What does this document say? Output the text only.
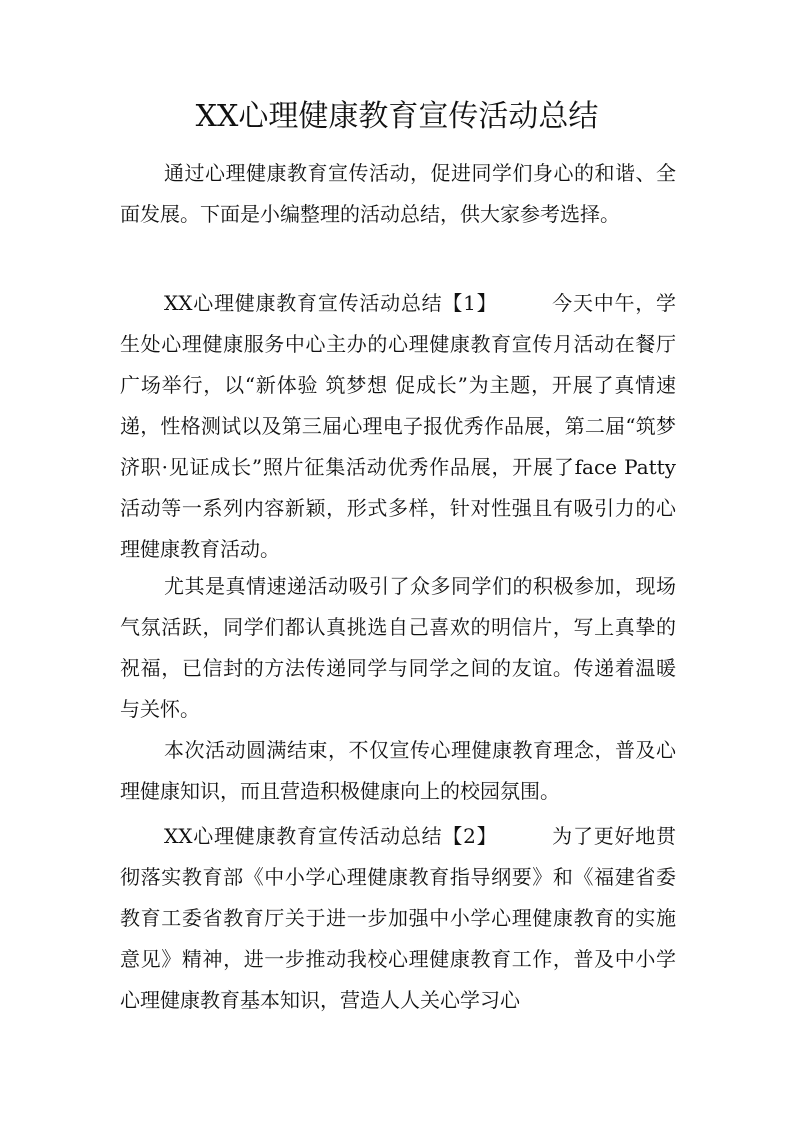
XX心理健康教育宣传活动总结

通过心理健康教育宣传活动，促进同学们身心的和谐、全面发展。下面是小编整理的活动总结，供大家参考选择。

XX心理健康教育宣传活动总结【1】	今天中午，学生处心理健康服务中心主办的心理健康教育宣传月活动在餐厅广场举行，以“新体验 筑梦想 促成长”为主题，开展了真情速递，性格测试以及第三届心理电子报优秀作品展，第二届“筑梦济职·见证成长”照片征集活动优秀作品展，开展了face Patty活动等一系列内容新颖，形式多样，针对性强且有吸引力的心理健康教育活动。

尤其是真情速递活动吸引了众多同学们的积极参加，现场气氛活跃，同学们都认真挑选自己喜欢的明信片，写上真挚的祝福，已信封的方法传递同学与同学之间的友谊。传递着温暖与关怀。

本次活动圆满结束，不仅宣传心理健康教育理念，普及心理健康知识，而且营造积极健康向上的校园氛围。

XX心理健康教育宣传活动总结【2】	为了更好地贯彻落实教育部《中小学心理健康教育指导纲要》和《福建省委教育工委省教育厅关于进一步加强中小学心理健康教育的实施意见》精神，进一步推动我校心理健康教育工作，普及中小学心理健康教育基本知识，营造人人关心学习心
